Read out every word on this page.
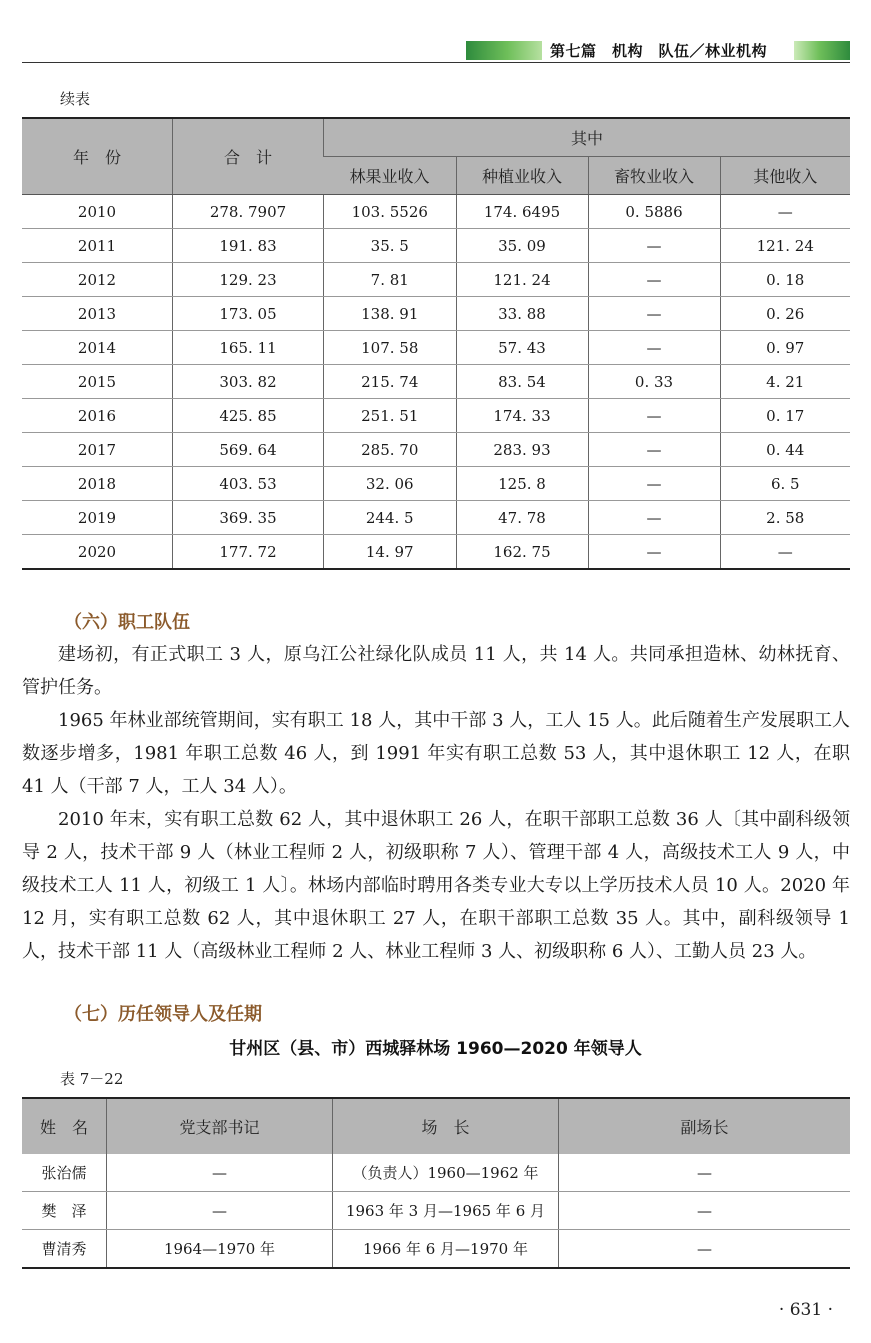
第七篇　机构　队伍／林业机构
续表
年　份	合　计	其中			
		林果业收入	种植业收入	畜牧业收入	其他收入
2010	278. 7907	103. 5526	174. 6495	0. 5886	—
2011	191. 83	35. 5	35. 09	—	121. 24
2012	129. 23	7. 81	121. 24	—	0. 18
2013	173. 05	138. 91	33. 88	—	0. 26
2014	165. 11	107. 58	57. 43	—	0. 97
2015	303. 82	215. 74	83. 54	0. 33	4. 21
2016	425. 85	251. 51	174. 33	—	0. 17
2017	569. 64	285. 70	283. 93	—	0. 44
2018	403. 53	32. 06	125. 8	—	6. 5
2019	369. 35	244. 5	47. 78	—	2. 58
2020	177. 72	14. 97	162. 75	—	—
（六）职工队伍

建场初，有正式职工 3 人，原乌江公社绿化队成员 11 人，共 14 人。共同承担造林、幼林抚育、管护任务。

1965 年林业部统管期间，实有职工 18 人，其中干部 3 人，工人 15 人。此后随着生产发展职工人数逐步增多，1981 年职工总数 46 人，到 1991 年实有职工总数 53 人，其中退休职工 12 人，在职 41 人（干部 7 人，工人 34 人）。

2010 年末，实有职工总数 62 人，其中退休职工 26 人，在职干部职工总数 36 人〔其中副科级领导 2 人，技术干部 9 人（林业工程师 2 人，初级职称 7 人）、管理干部 4 人，高级技术工人 9 人，中级技术工人 11 人，初级工 1 人〕。林场内部临时聘用各类专业大专以上学历技术人员 10 人。2020 年 12 月，实有职工总数 62 人，其中退休职工 27 人，在职干部职工总数 35 人。其中，副科级领导 1 人，技术干部 11 人（高级林业工程师 2 人、林业工程师 3 人、初级职称 6 人）、工勤人员 23 人。

（七）历任领导人及任期
甘州区（县、市）西城驿林场 1960—2020 年领导人
表 7－22
姓　名	党支部书记	场　长	副场长
张治儒	—	（负责人）1960—1962 年	—
樊　泽	—	1963 年 3 月—1965 年 6 月	—
曹清秀	1964—1970 年	1966 年 6 月—1970 年	—
· 631 ·
